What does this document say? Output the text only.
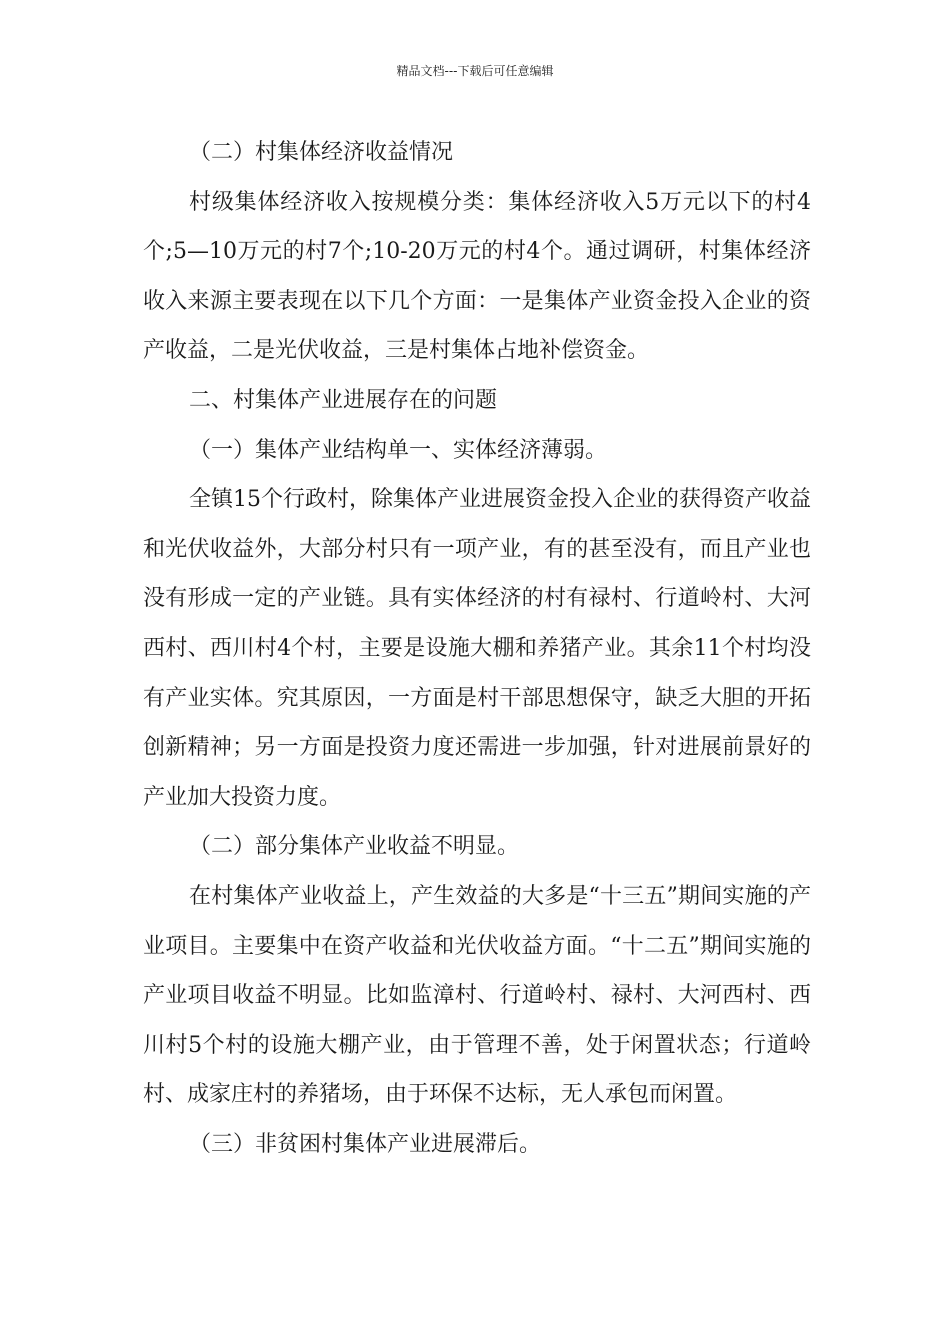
精品文档---下载后可任意编辑

（二）村集体经济收益情况

村级集体经济收入按规模分类：集体经济收入5万元以下的村4个;5—10万元的村7个;10-20万元的村4个。通过调研，村集体经济收入来源主要表现在以下几个方面：一是集体产业资金投入企业的资产收益，二是光伏收益，三是村集体占地补偿资金。

二、村集体产业进展存在的问题

（一）集体产业结构单一、实体经济薄弱。

全镇15个行政村，除集体产业进展资金投入企业的获得资产收益和光伏收益外，大部分村只有一项产业，有的甚至没有，而且产业也没有形成一定的产业链。具有实体经济的村有禄村、行道岭村、大河西村、西川村4个村，主要是设施大棚和养猪产业。其余11个村均没有产业实体。究其原因，一方面是村干部思想保守，缺乏大胆的开拓创新精神；另一方面是投资力度还需进一步加强，针对进展前景好的产业加大投资力度。

（二）部分集体产业收益不明显。

在村集体产业收益上，产生效益的大多是“十三五”期间实施的产业项目。主要集中在资产收益和光伏收益方面。“十二五”期间实施的产业项目收益不明显。比如监漳村、行道岭村、禄村、大河西村、西川村5个村的设施大棚产业，由于管理不善，处于闲置状态；行道岭村、成家庄村的养猪场，由于环保不达标，无人承包而闲置。

（三）非贫困村集体产业进展滞后。
